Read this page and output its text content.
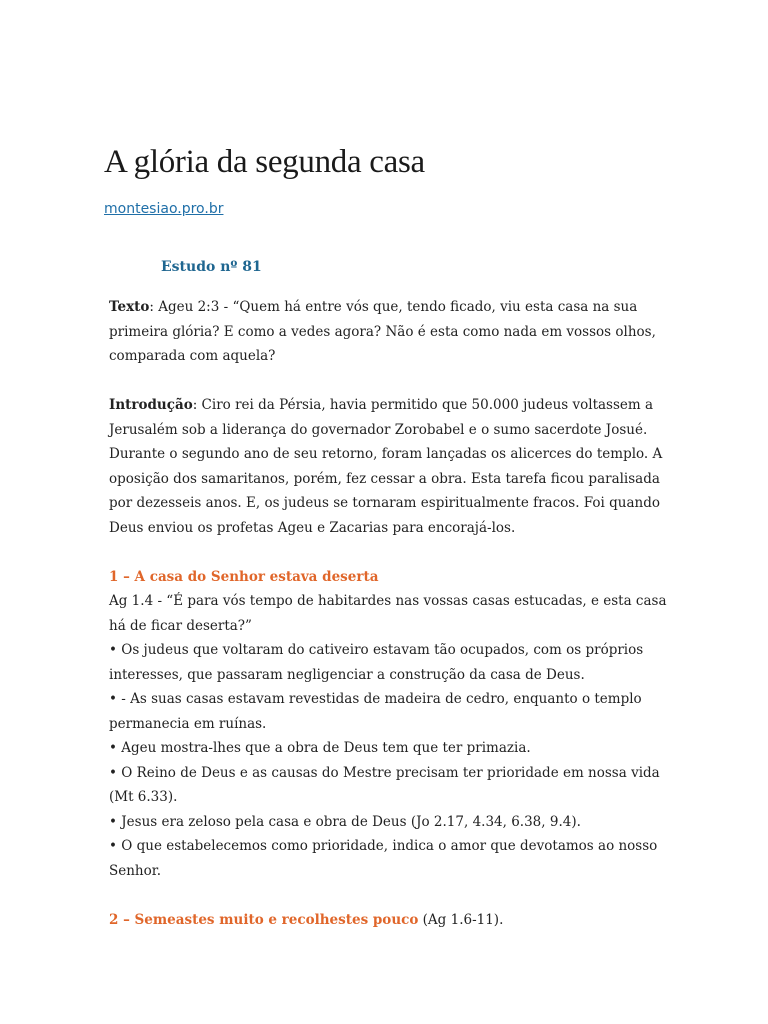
A glória da segunda casa
montesiao.pro.br
Estudo nº 81

Texto: Ageu 2:3 - “Quem há entre vós que, tendo ficado, viu esta casa na sua primeira glória? E como a vedes agora? Não é esta como nada em vossos olhos, comparada com aquela?

Introdução: Ciro rei da Pérsia, havia permitido que 50.000 judeus voltassem a Jerusalém sob a liderança do governador Zorobabel e o sumo sacerdote Josué. Durante o segundo ano de seu retorno, foram lançadas os alicerces do templo. A oposição dos samaritanos, porém, fez cessar a obra. Esta tarefa ficou paralisada por dezesseis anos. E, os judeus se tornaram espiritualmente fracos. Foi quando Deus enviou os profetas Ageu e Zacarias para encorajá-los.

1 – A casa do Senhor estava deserta

Ag 1.4 - “É para vós tempo de habitardes nas vossas casas estucadas, e esta casa há de ficar deserta?”

• Os judeus que voltaram do cativeiro estavam tão ocupados, com os próprios interesses, que passaram negligenciar a construção da casa de Deus.

• - As suas casas estavam revestidas de madeira de cedro, enquanto o templo permanecia em ruínas.

• Ageu mostra-lhes que a obra de Deus tem que ter primazia.

• O Reino de Deus e as causas do Mestre precisam ter prioridade em nossa vida (Mt 6.33).

• Jesus era zeloso pela casa e obra de Deus (Jo 2.17, 4.34, 6.38, 9.4).

• O que estabelecemos como prioridade, indica o amor que devotamos ao nosso Senhor.

2 – Semeastes muito e recolhestes pouco (Ag 1.6-11).
